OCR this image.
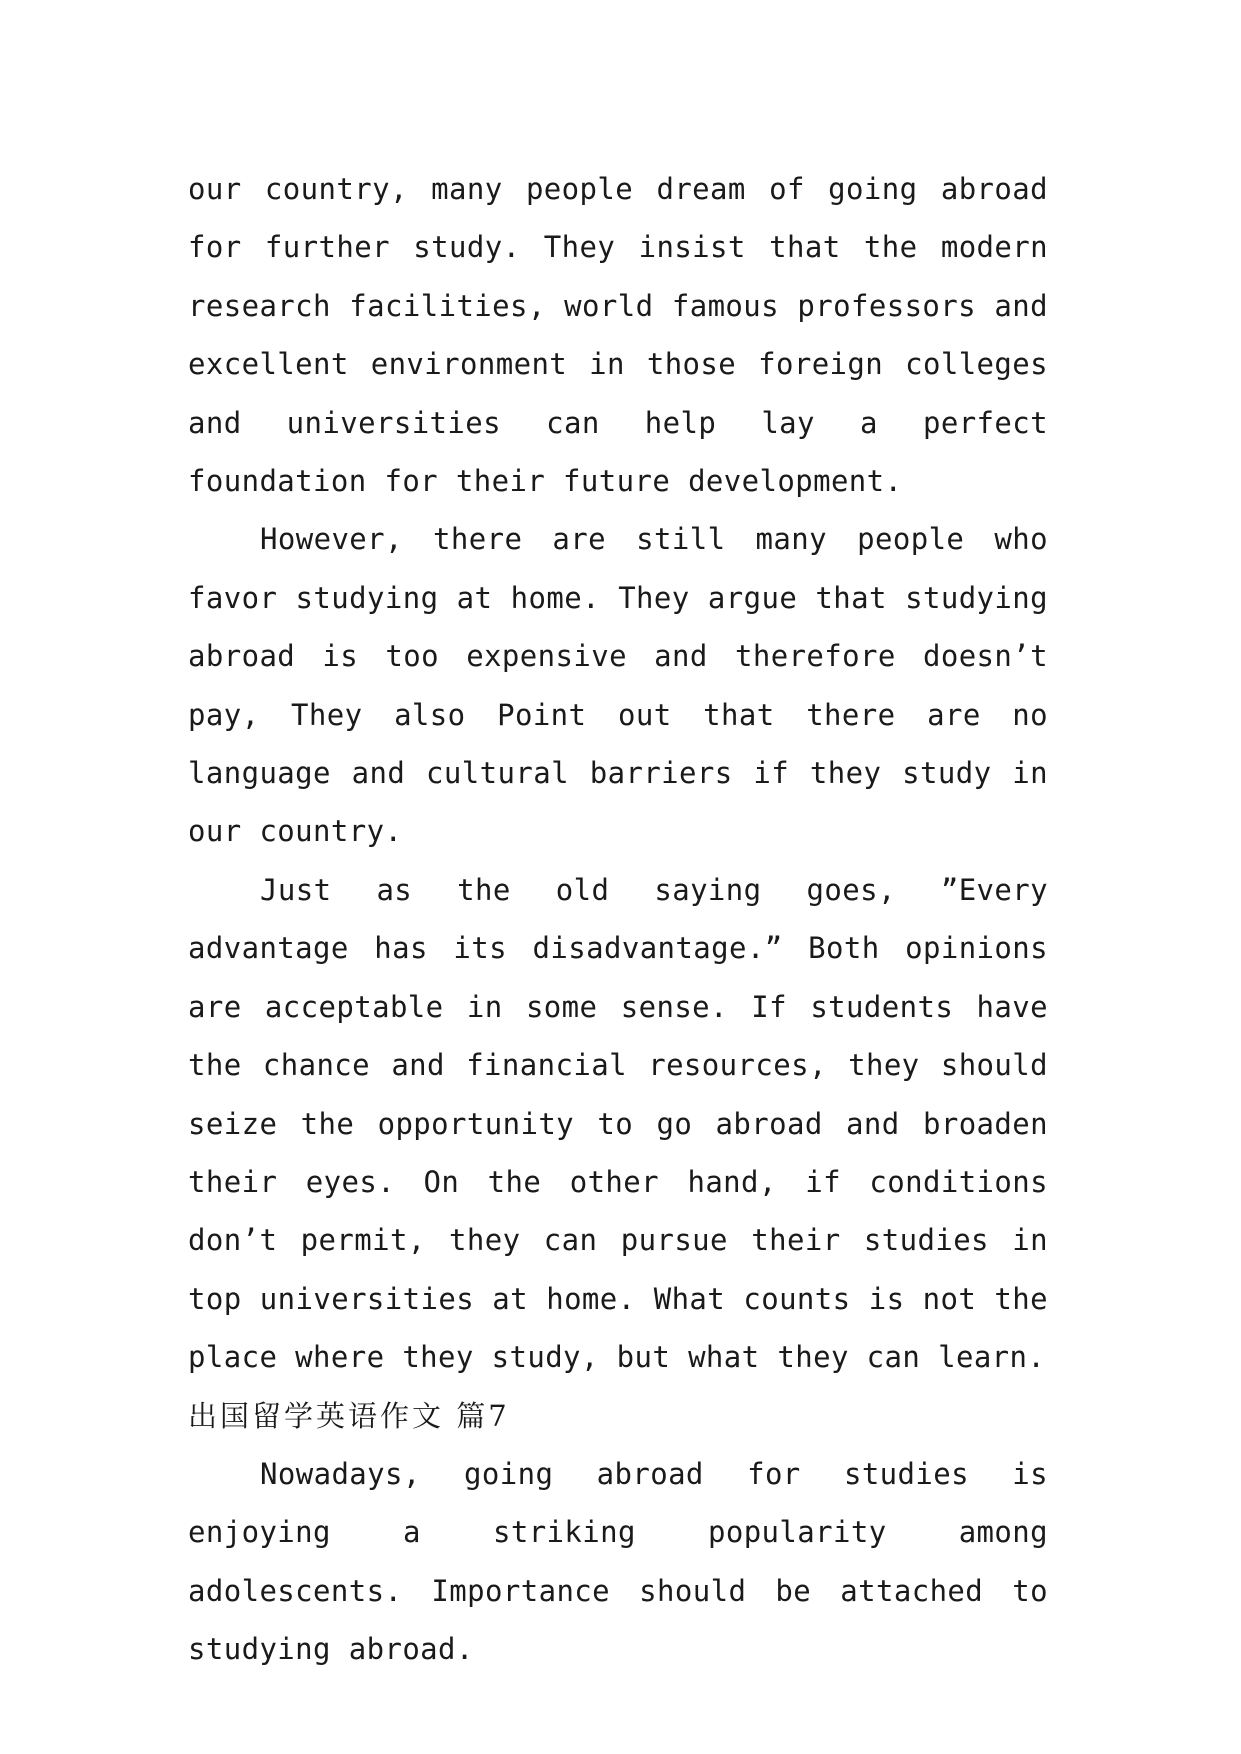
our country, many people dream of going abroad for further study. They insist that the modern research facilities, world famous professors and excellent environment in those foreign colleges and universities can help lay a perfect foundation for their future development.

However, there are still many people who favor studying at home. They argue that studying abroad is too expensive and therefore doesn’t pay, They also Point out that there are no language and cultural barriers if they study in our country.

Just as the old saying goes, ”Every advantage has its disadvantage.” Both opinions are acceptable in some sense. If students have the chance and financial resources, they should seize the opportunity to go abroad and broaden their eyes. On the other hand, if conditions don’t permit, they can pursue their studies in top universities at home. What counts is not the place where they study, but what they can learn.

出国留学英语作文 篇7

Nowadays, going abroad for studies is enjoying a striking popularity among adolescents. Importance should be attached to studying abroad.
